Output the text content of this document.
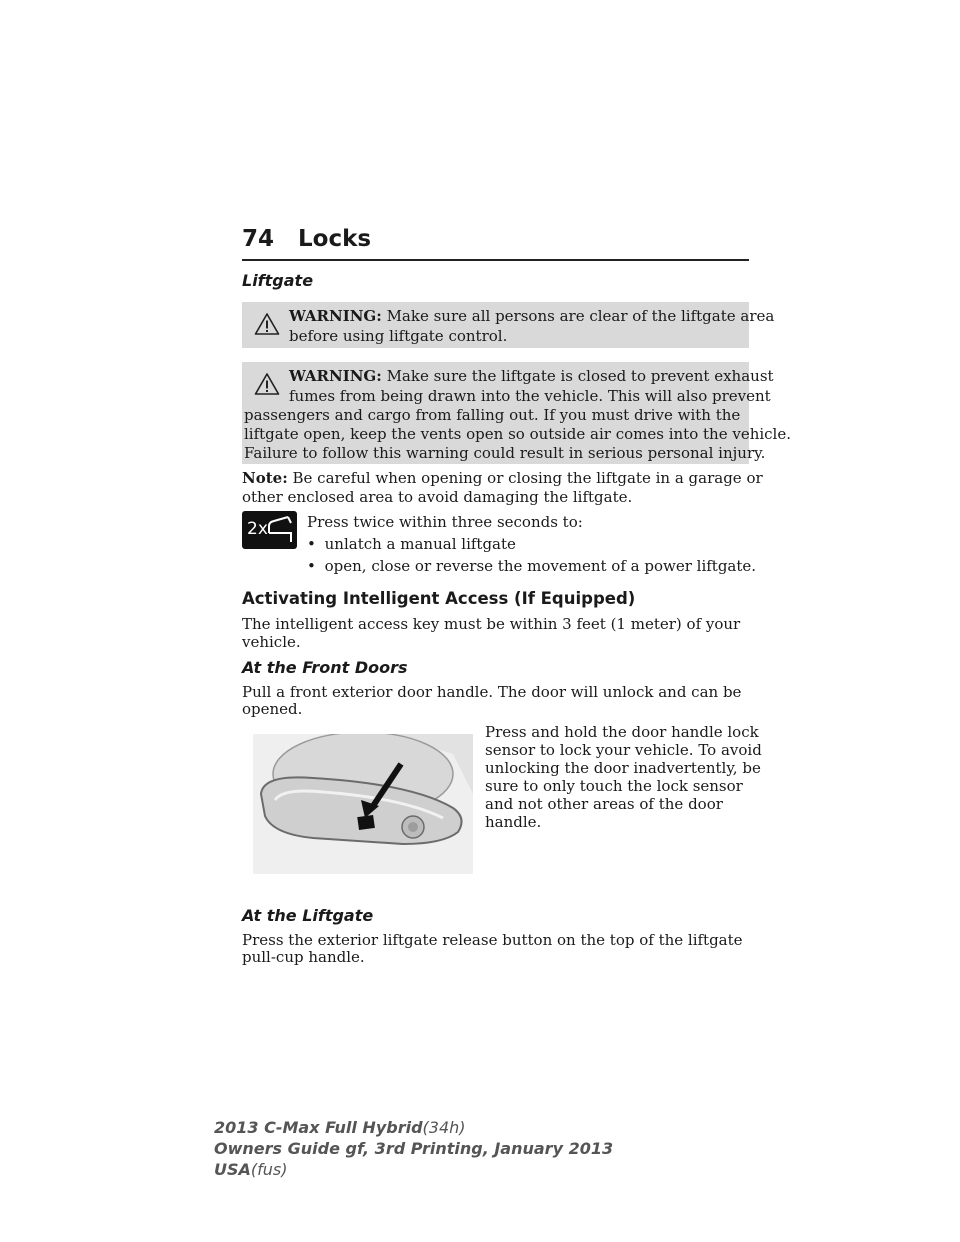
74 Locks
Liftgate
WARNING: Make sure all persons are clear of the liftgate area
before using liftgate control.
WARNING: Make sure the liftgate is closed to prevent exhaust
fumes from being drawn into the vehicle. This will also prevent
passengers and cargo from falling out. If you must drive with the
liftgate open, keep the vents open so outside air comes into the vehicle.
Failure to follow this warning could result in serious personal injury.
Note: Be careful when opening or closing the liftgate in a garage or
other enclosed area to avoid damaging the liftgate.
2x	Press twice within three seconds to:
• unlatch a manual liftgate
• open, close or reverse the movement of a power liftgate.
Activating Intelligent Access (If Equipped)
The intelligent access key must be within 3 feet (1 meter) of your
vehicle.
At the Front Doors
Pull a front exterior door handle. The door will unlock and can be
opened.
Press and hold the door handle lock
sensor to lock your vehicle. To avoid
unlocking the door inadvertently, be
sure to only touch the lock sensor
and not other areas of the door
handle.
At the Liftgate
Press the exterior liftgate release button on the top of the liftgate
pull-cup handle.
2013 C-Max Full Hybrid(34h)
Owners Guide gf, 3rd Printing, January 2013
USA(fus)
